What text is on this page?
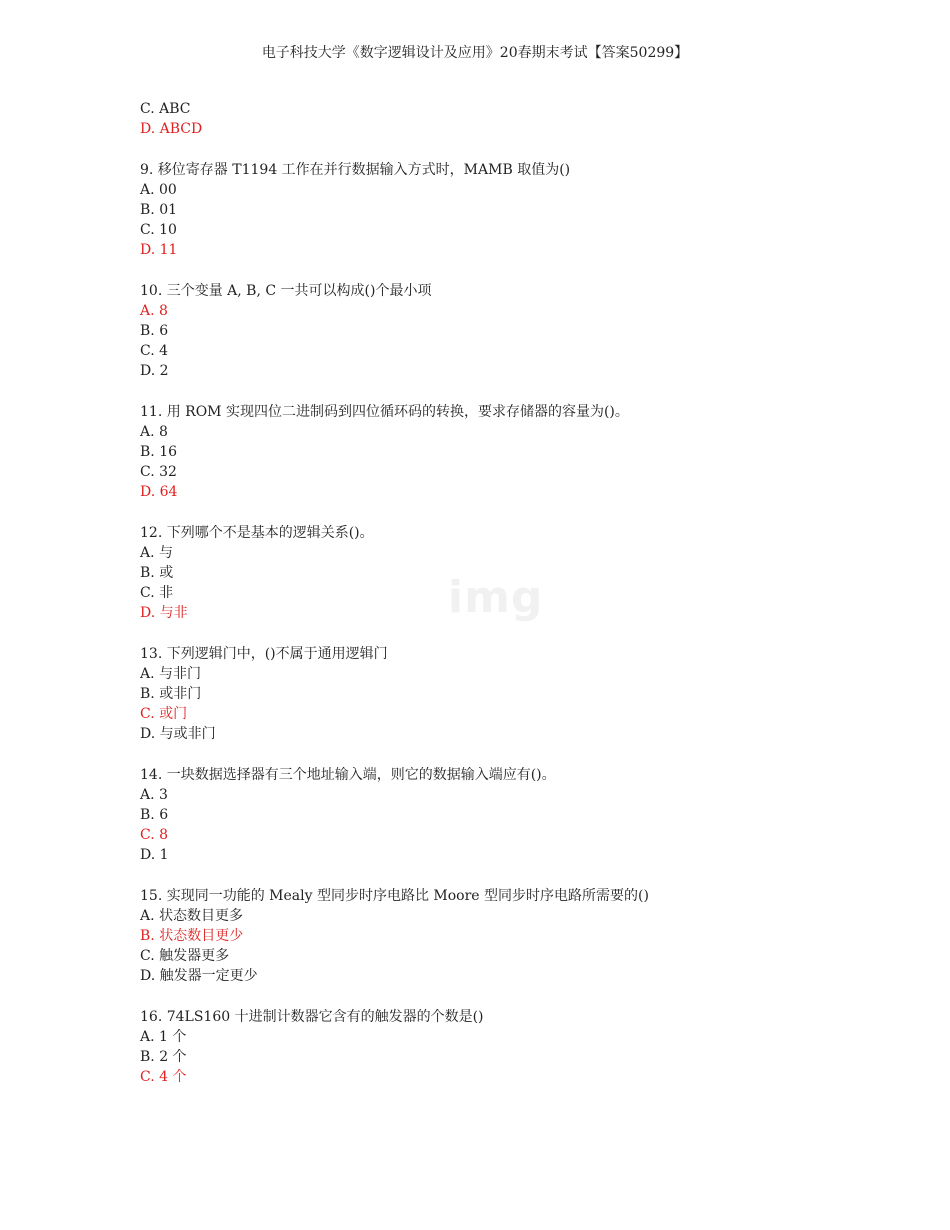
电子科技大学《数字逻辑设计及应用》20春期末考试【答案50299】
img
C. ABC
D. ABCD
9. 移位寄存器 T1194 工作在并行数据输入方式时，MAMB 取值为()
A. 00
B. 01
C. 10
D. 11
10. 三个变量 A, B, C 一共可以构成()个最小项
A. 8
B. 6
C. 4
D. 2
11. 用 ROM 实现四位二进制码到四位循环码的转换，要求存储器的容量为()。
A. 8
B. 16
C. 32
D. 64
12. 下列哪个不是基本的逻辑关系()。
A. 与
B. 或
C. 非
D. 与非
13. 下列逻辑门中，()不属于通用逻辑门
A. 与非门
B. 或非门
C. 或门
D. 与或非门
14. 一块数据选择器有三个地址输入端，则它的数据输入端应有()。
A. 3
B. 6
C. 8
D. 1
15. 实现同一功能的 Mealy 型同步时序电路比 Moore 型同步时序电路所需要的()
A. 状态数目更多
B. 状态数目更少
C. 触发器更多
D. 触发器一定更少
16. 74LS160 十进制计数器它含有的触发器的个数是()
A. 1 个
B. 2 个
C. 4 个
